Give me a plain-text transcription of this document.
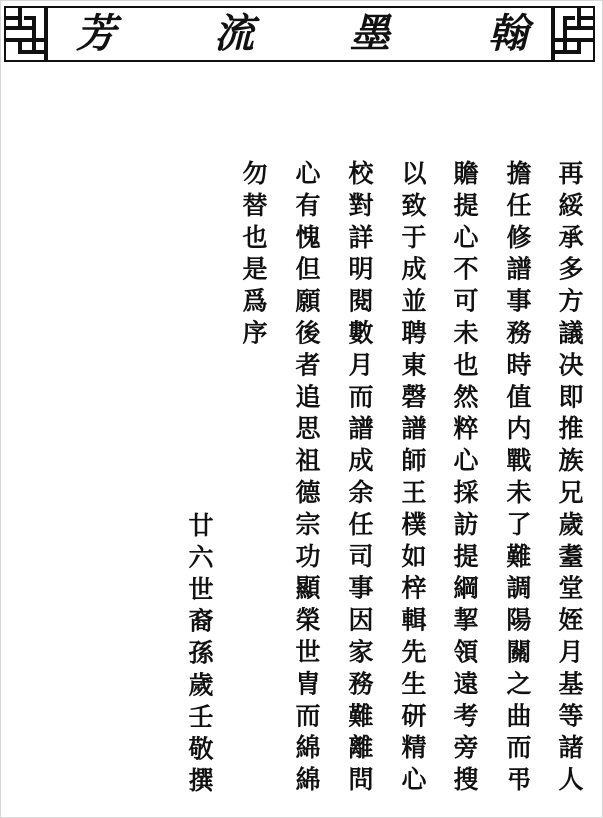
翰
墨
流
芳
再綏承多方議决即推族兄歲耋堂姪月基等諸人
擔任修譜事務時值内戰未了難調陽關之曲而弔
贍提心不可未也然粹心採訪提綱挈領遠考旁搜
以致于成並聘東磬譜師王樸如梓輯先生研精心
校對詳明閱數月而譜成余任司事因家務難離問
心有愧但願後者追思祖德宗功顯榮世胄而綿綿
勿替也是爲序
廿六世裔孫歲壬敬撰
